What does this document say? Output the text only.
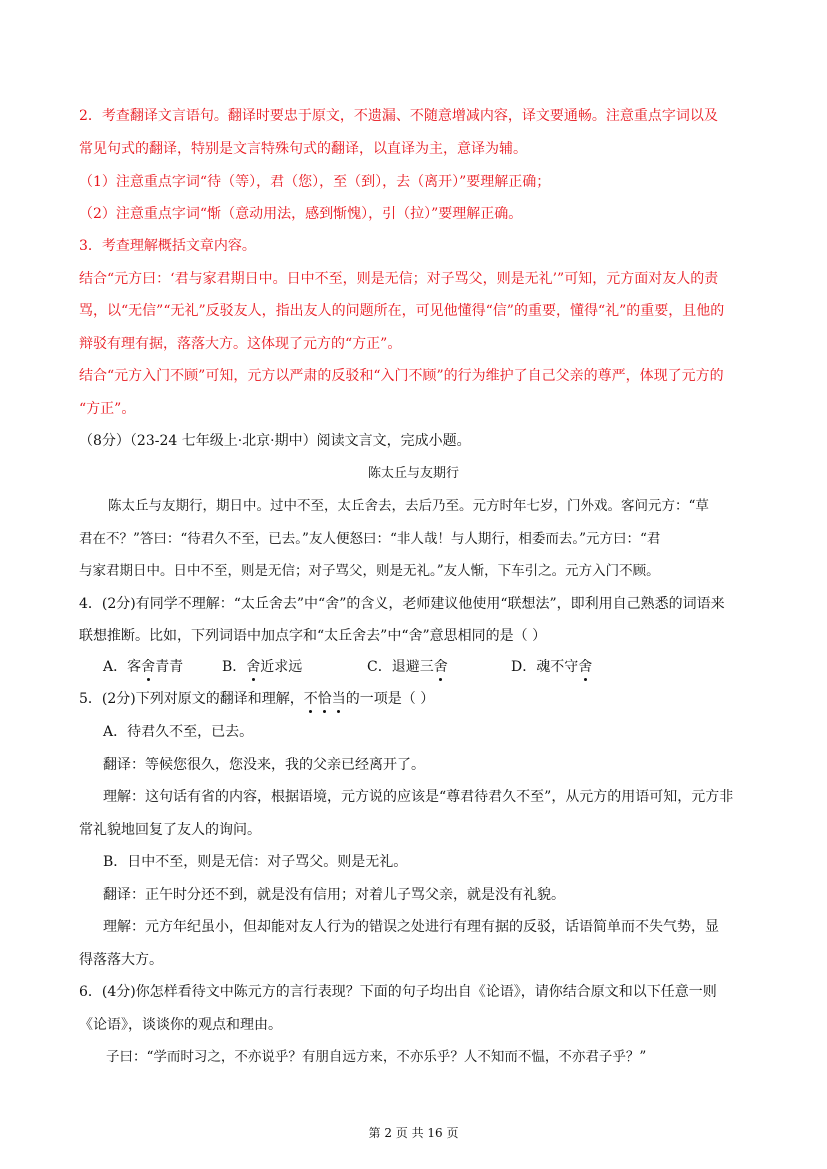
2．考查翻译文言语句。翻译时要忠于原文，不遗漏、不随意增减内容，译文要通畅。注意重点字词以及
常见句式的翻译，特别是文言特殊句式的翻译，以直译为主，意译为辅。
（1）注意重点字词“待（等），君（您），至（到），去（离开）”要理解正确；
（2）注意重点字词“惭（意动用法，感到惭愧），引（拉）”要理解正确。
3．考查理解概括文章内容。
结合“元方曰：‘君与家君期日中。日中不至，则是无信；对子骂父，则是无礼’”可知，元方面对友人的责
骂，以“无信”“无礼”反驳友人，指出友人的问题所在，可见他懂得“信”的重要，懂得“礼”的重要，且他的
辩驳有理有据，落落大方。这体现了元方的“方正”。
结合“元方入门不顾”可知，元方以严肃的反驳和“入门不顾”的行为维护了自己父亲的尊严，体现了元方的
“方正”。
（8分）（23-24 七年级上·北京·期中）阅读文言文，完成小题。
陈太丘与友期行
陈太丘与友期行，期日中。过中不至，太丘舍去，去后乃至。元方时年七岁，门外戏。客问元方：“草
君在不？”答曰：“待君久不至，已去。”友人便怒曰：“非人哉！与人期行，相委而去。”元方曰：“君
与家君期日中。日中不至，则是无信；对子骂父，则是无礼。”友人惭，下车引之。元方入门不顾。
4．(2分)有同学不理解：“太丘舍去”中“舍”的含义，老师建议他使用“联想法”，即利用自己熟悉的词语来
联想推断。比如，下列词语中加点字和“太丘舍去”中“舍”意思相同的是（ ）
A．客舍青青	B．舍近求远	C．退避三舍	D．魂不守舍
5．(2分)下列对原文的翻译和理解，不恰当的一项是（ ）
A．待君久不至，已去。
翻译：等候您很久，您没来，我的父亲已经离开了。
理解：这句话有省的内容，根据语境，元方说的应该是“尊君待君久不至”，从元方的用语可知，元方非
常礼貌地回复了友人的询问。
B．日中不至，则是无信：对子骂父。则是无礼。
翻译：正午时分还不到，就是没有信用；对着儿子骂父亲，就是没有礼貌。
理解：元方年纪虽小，但却能对友人行为的错误之处进行有理有据的反驳，话语简单而不失气势，显
得落落大方。
6．(4分)你怎样看待文中陈元方的言行表现？下面的句子均出自《论语》，请你结合原文和以下任意一则
《论语》，谈谈你的观点和理由。
子曰：“学而时习之，不亦说乎？有朋自远方来，不亦乐乎？人不知而不愠，不亦君子乎？”
第 2 页 共 16 页
